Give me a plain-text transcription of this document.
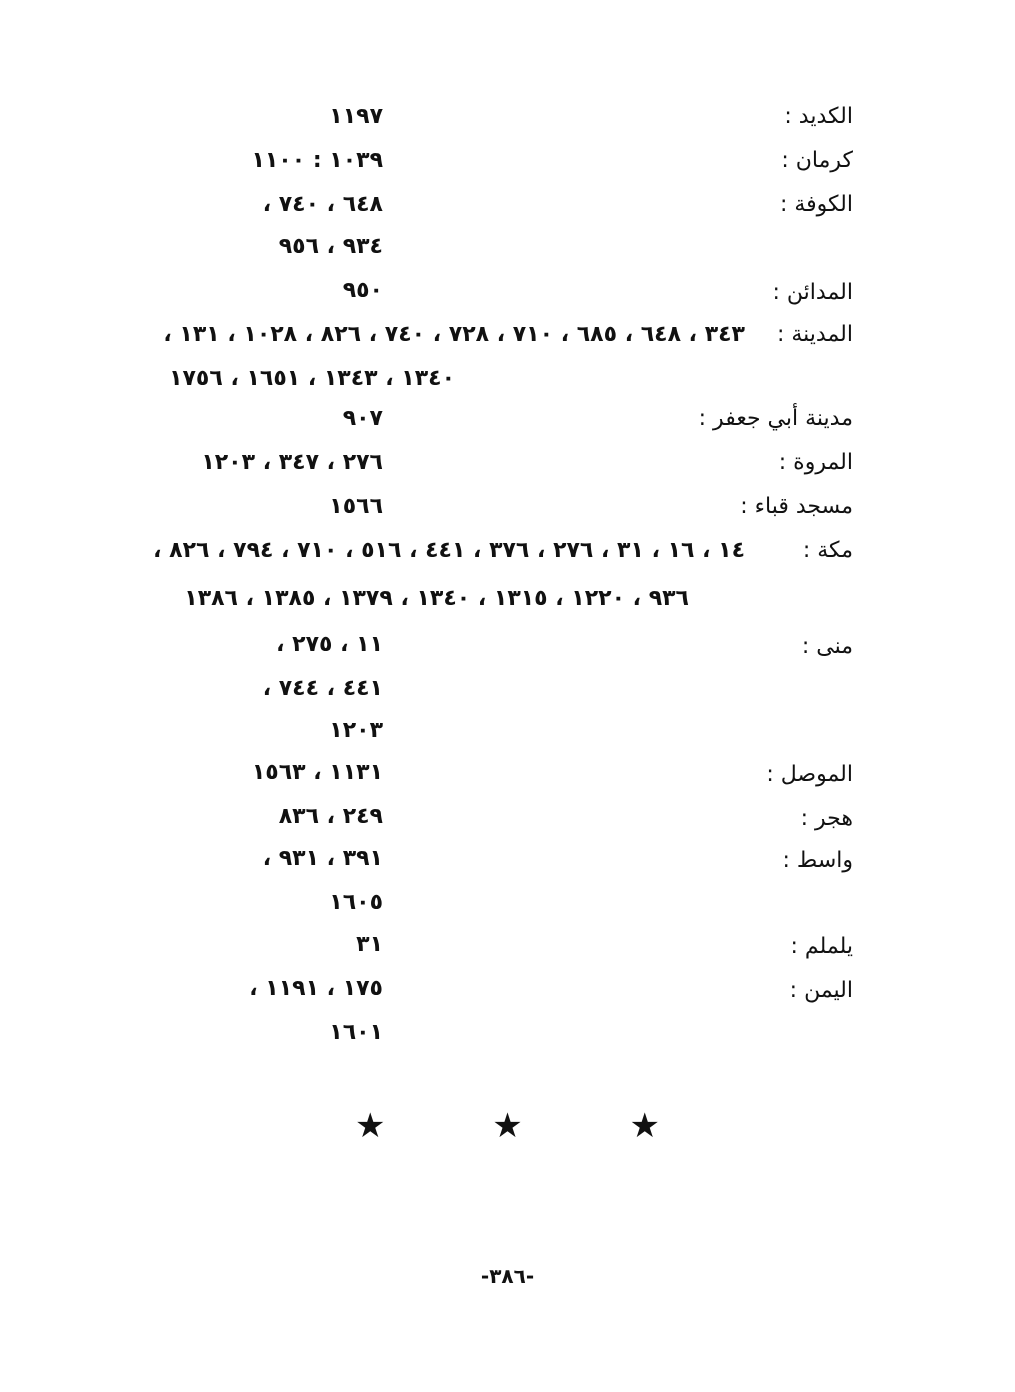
الكديد :
١١٩٧
كرمان :
١٠٣٩ : ١١٠٠
الكوفة :
٦٤٨ ، ٧٤٠ ،
٩٣٤ ، ٩٥٦
المدائن :
٩٥٠
المدينة :
٣٤٣ ، ٦٤٨ ، ٦٨٥ ، ٧١٠ ، ٧٢٨ ، ٧٤٠ ، ٨٢٦ ، ١٠٢٨ ، ١٣١ ،
١٣٤٠ ، ١٣٤٣ ، ١٦٥١ ، ١٧٥٦
مدينة أبي جعفر :
٩٠٧
المروة :
٢٧٦ ، ٣٤٧ ، ١٢٠٣
مسجد قباء :
١٥٦٦
مكة :
١٤ ، ١٦ ، ٣١ ، ٢٧٦ ، ٣٧٦ ، ٤٤١ ، ٥١٦ ، ٧١٠ ، ٧٩٤ ، ٨٢٦ ،
٩٣٦ ، ١٢٢٠ ، ١٣١٥ ، ١٣٤٠ ، ١٣٧٩ ، ١٣٨٥ ، ١٣٨٦
منى :
١١ ، ٢٧٥ ،
٤٤١ ، ٧٤٤ ،
١٢٠٣
الموصل :
١١٣١ ، ١٥٦٣
هجر :
٢٤٩ ، ٨٣٦
واسط :
٣٩١ ، ٩٣١ ،
١٦٠٥
يلملم :
٣١
اليمن :
١٧٥ ، ١١٩١ ،
١٦٠١
★ ★ ★
-٣٨٦-
